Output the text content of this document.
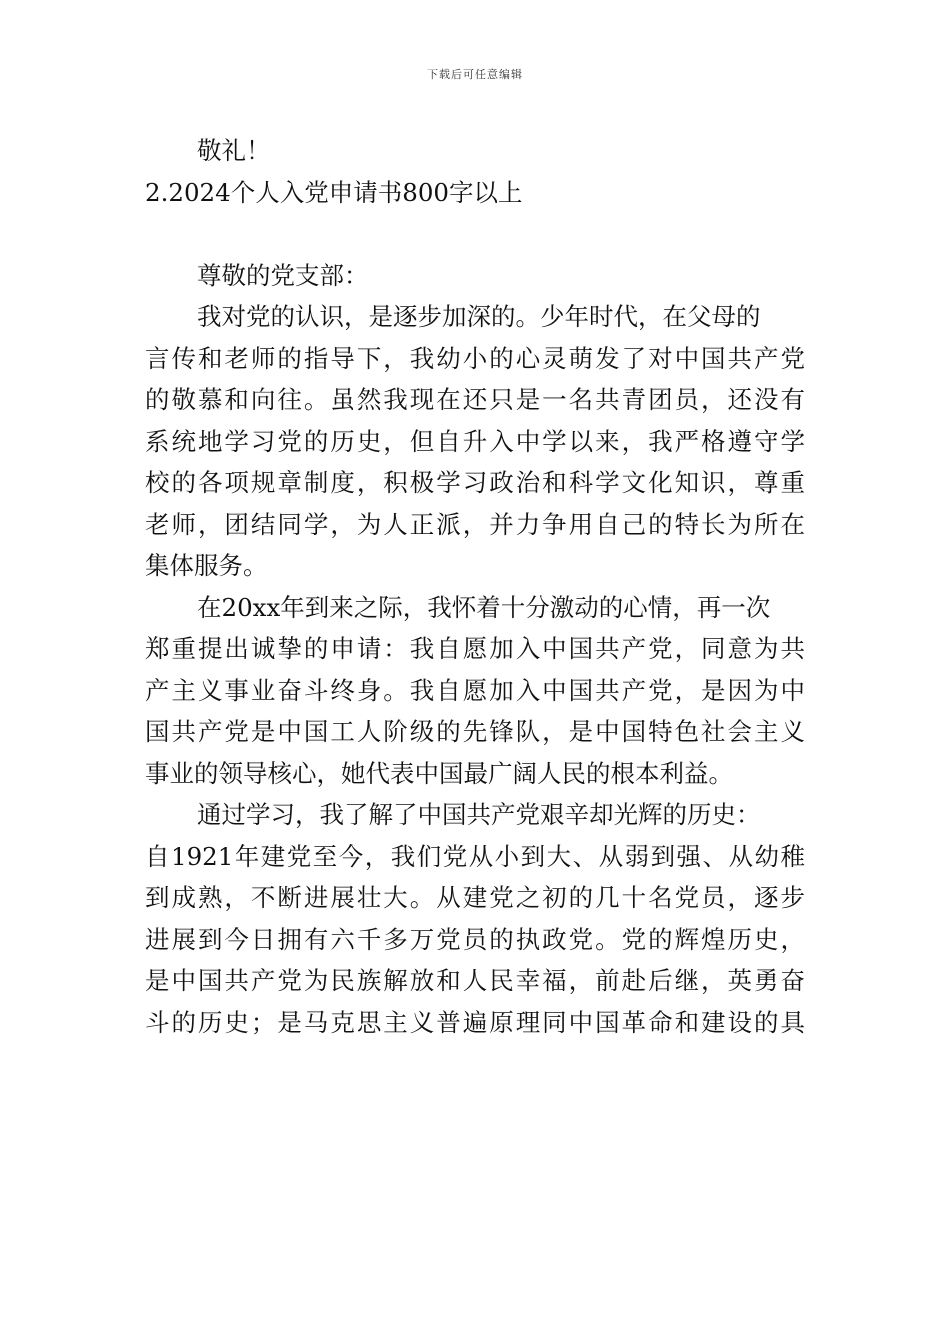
下载后可任意编辑
敬礼！
2.2024个人入党申请书800字以上
尊敬的党支部：
我对党的认识，是逐步加深的。少年时代，在父母的
言传和老师的指导下，我幼小的心灵萌发了对中国共产党
的敬慕和向往。虽然我现在还只是一名共青团员，还没有
系统地学习党的历史，但自升入中学以来，我严格遵守学
校的各项规章制度，积极学习政治和科学文化知识，尊重
老师，团结同学，为人正派，并力争用自己的特长为所在
集体服务。
在20xx年到来之际，我怀着十分激动的心情，再一次
郑重提出诚挚的申请：我自愿加入中国共产党，同意为共
产主义事业奋斗终身。我自愿加入中国共产党，是因为中
国共产党是中国工人阶级的先锋队，是中国特色社会主义
事业的领导核心，她代表中国最广阔人民的根本利益。
通过学习，我了解了中国共产党艰辛却光辉的历史：
自1921年建党至今，我们党从小到大、从弱到强、从幼稚
到成熟，不断进展壮大。从建党之初的几十名党员，逐步
进展到今日拥有六千多万党员的执政党。党的辉煌历史，
是中国共产党为民族解放和人民幸福，前赴后继，英勇奋
斗的历史；是马克思主义普遍原理同中国革命和建设的具
